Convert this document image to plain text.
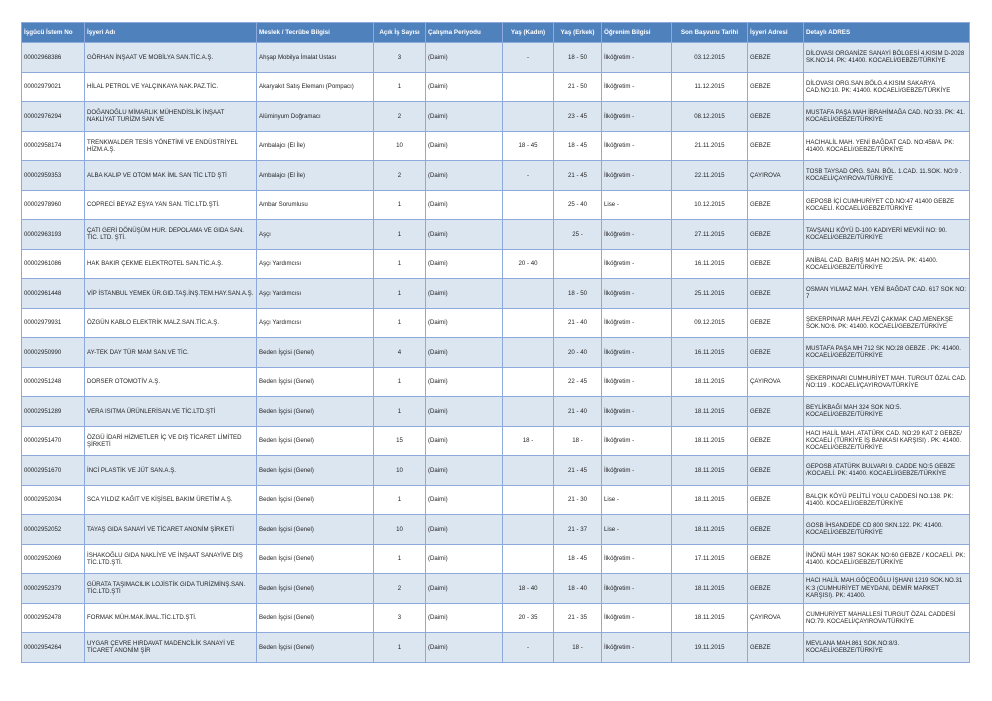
İşgücü İstem No	İşyeri Adı	Meslek / Tecrübe Bilgisi	Açık İş Sayısı	Çalışma Periyodu	Yaş (Kadın)	Yaş (Erkek)	Öğrenim Bilgisi	Son Başvuru Tarihi	İşyeri Adresi	Detaylı ADRES
00002968386	GÖRHAN İNŞAAT VE MOBİLYA SAN.TİC.A.Ş.	Ahşap Mobilya İmalat Ustası	3	(Daimi)	-	18 - 50	İlköğretim -	03.12.2015	GEBZE	DİLOVASI ORGANİZE SANAYİ BÖLGESİ 4.KISIM D-2028 SK.NO:14. PK: 41400. KOCAELİ/GEBZE/TÜRKİYE
00002979021	HİLAL PETROL VE YALÇINKAYA NAK.PAZ.TİC.	Akaryakıt Satış Elemanı (Pompacı)	1	(Daimi)		21 - 50	İlköğretim -	11.12.2015	GEBZE	DİLOVASI ORG.SAN.BÖLG.4.KISIM SAKARYA CAD.NO:10. PK: 41400. KOCAELİ/GEBZE/TÜRKİYE
00002976294	DOĞANOĞLU MİMARLIK MÜHENDİSLİK İNŞAAT NAKLİYAT TURİZM SAN VE	Alüminyum Doğramacı	2	(Daimi)		23 - 45	İlköğretim -	08.12.2015	GEBZE	MUSTAFA PAŞA MAH İBRAHİMAĞA CAD. NO:33. PK: 41. KOCAELİ/GEBZE/TÜRKİYE
00002958174	TRENKWALDER TESİS YÖNETİMİ VE ENDÜSTRİYEL HİZM.A.Ş.	Ambalajcı (El İle)	10	(Daimi)	18 - 45	18 - 45	İlköğretim -	21.11.2015	GEBZE	HACIHALİL MAH. YENİ BAĞDAT CAD. NO:458/A. PK: 41400. KOCAELİ/GEBZE/TÜRKİYE
00002959353	ALBA KALIP VE OTOM MAK İML SAN TİC LTD ŞTİ	Ambalajcı (El İle)	2	(Daimi)	-	21 - 45	İlköğretim -	22.11.2015	ÇAYIROVA	TOSB TAYSAD ORG. SAN. BÖL. 1.CAD. 11.SOK. NO:9 . KOCAELİ/ÇAYIROVA/TÜRKİYE
00002978960	COPRECİ BEYAZ EŞYA YAN SAN. TİC.LTD.ŞTİ.	Ambar Sorumlusu	1	(Daimi)		25 - 40	Lise -	10.12.2015	GEBZE	GEPOSB İÇİ CUMHURİYET CD.NO:47 41400 GEBZE KOCAELİ. KOCAELİ/GEBZE/TÜRKİYE
00002963193	ÇATI GERİ DÖNÜŞÜM HUR. DEPOLAMA VE GIDA SAN. TİC. LTD. ŞTİ.	Aşçı	1	(Daimi)		25 -	İlköğretim -	27.11.2015	GEBZE	TAVŞANLI KÖYÜ D-100 KADIYERİ MEVKİİ NO: 90. KOCAELİ/GEBZE/TÜRKİYE
00002961086	HAK BAKIR ÇEKME ELEKTROTEL SAN.TİC.A.Ş.	Aşçı Yardımcısı	1	(Daimi)	20 - 40		İlköğretim -	16.11.2015	GEBZE	ANİBAL CAD. BARIŞ MAH NO:25/A. PK: 41400. KOCAELİ/GEBZE/TÜRKİYE
00002961448	VİP İSTANBUL YEMEK ÜR.GID.TAŞ.İNŞ.TEM.HAY.SAN.A.Ş.	Aşçı Yardımcısı	1	(Daimi)		18 - 50	İlköğretim -	25.11.2015	GEBZE	OSMAN YILMAZ MAH. YENİ BAĞDAT CAD. 617 SOK NO: 7
00002979931	ÖZGÜN KABLO ELEKTRİK MALZ.SAN.TİC.A.Ş.	Aşçı Yardımcısı	1	(Daimi)		21 - 40	İlköğretim -	09.12.2015	GEBZE	ŞEKERPINAR MAH.FEVZİ ÇAKMAK CAD.MENEKŞE SOK.NO:6. PK: 41400. KOCAELİ/GEBZE/TÜRKİYE
00002950990	AY-TEK DAY TÜR MAM SAN.VE TİC.	Beden İşçisi (Genel)	4	(Daimi)		20 - 40	İlköğretim -	16.11.2015	GEBZE	MUSTAFA PAŞA MH 712 SK NO:28 GEBZE . PK: 41400. KOCAELİ/GEBZE/TÜRKİYE
00002951248	DORSER OTOMOTİV A.Ş.	Beden İşçisi (Genel)	1	(Daimi)		22 - 45	İlköğretim -	18.11.2015	ÇAYIROVA	ŞEKERPINARI CUMHURİYET MAH. TURGUT ÖZAL CAD. NO:119 . KOCAELİ/ÇAYIROVA/TÜRKİYE
00002951289	VERA ISITMA ÜRÜNLERİSAN.VE TİC.LTD.ŞTİ	Beden İşçisi (Genel)	1	(Daimi)		21 - 40	İlköğretim -	18.11.2015	GEBZE	BEYLİKBAĞI MAH 324 SOK NO:5. KOCAELİ/GEBZE/TÜRKİYE
00002951470	ÖZGÜ İDARİ HİZMETLER İÇ VE DIŞ TİCARET LİMİTED ŞİRKETİ	Beden İşçisi (Genel)	15	(Daimi)	18 -	18 -	İlköğretim -	18.11.2015	GEBZE	HACI HALİL MAH. ATATÜRK CAD. NO:29 KAT 2 GEBZE/ KOCAELİ (TÜRKİYE İŞ BANKASI KARŞISI) . PK: 41400. KOCAELİ/GEBZE/TÜRKİYE
00002951670	İNCİ PLASTİK VE JÜT SAN.A.Ş.	Beden İşçisi (Genel)	10	(Daimi)		21 - 45	İlköğretim -	18.11.2015	GEBZE	GEPOSB ATATÜRK BULVARI 9. CADDE NO:5 GEBZE /KOCAELİ. PK: 41400. KOCAELİ/GEBZE/TÜRKİYE
00002952034	SCA YILDIZ KAĞIT VE KİŞİSEL BAKIM ÜRETİM A.Ş.	Beden İşçisi (Genel)	1	(Daimi)		21 - 30	Lise -	18.11.2015	GEBZE	BALÇIK KÖYÜ PELİTLİ YOLU CADDESİ NO.138. PK: 41400. KOCAELİ/GEBZE/TÜRKİYE
00002952052	TAYAŞ GIDA SANAYİ VE TİCARET ANONİM ŞİRKETİ	Beden İşçisi (Genel)	10	(Daimi)		21 - 37	Lise -	18.11.2015	GEBZE	GOSB İHSANDEDE CD 800 SKN.122. PK: 41400. KOCAELİ/GEBZE/TÜRKİYE
00002952069	İSHAKOĞLU GIDA NAKLİYE VE İNŞAAT SANAYİVE DIŞ TİC.LTD.ŞTİ.	Beden İşçisi (Genel)	1	(Daimi)		18 - 45	İlköğretim -	17.11.2015	GEBZE	İNÖNÜ MAH 1987 SOKAK NO:60 GEBZE / KOCAELİ. PK: 41400. KOCAELİ/GEBZE/TÜRKİYE
00002952379	GÜRATA TAŞIMACILIK LOJİSTİK GIDA TURİZMİNŞ.SAN. TİC.LTD.ŞTİ	Beden İşçisi (Genel)	2	(Daimi)	18 - 40	18 - 40	İlköğretim -	18.11.2015	GEBZE	HACI HALİL MAH.GÖÇEOĞLU İŞHANI 1219 SOK.NO.31 K:3 (CUMHURİYET MEYDANI, DEMİR MARKET KARŞISI). PK: 41400.
00002952478	FORMAK MÜH.MAK.İMAL.TİC.LTD.ŞTİ.	Beden İşçisi (Genel)	3	(Daimi)	20 - 35	21 - 35	İlköğretim -	18.11.2015	ÇAYIROVA	CUMHURİYET MAHALLESİ TURGUT ÖZAL CADDESİ NO:79. KOCAELİ/ÇAYIROVA/TÜRKİYE
00002954264	UYGAR ÇEVRE HIRDAVAT MADENCİLİK SANAYİ VE TİCARET ANONİM ŞİR	Beden İşçisi (Genel)	1	(Daimi)	-	18 -	İlköğretim -	19.11.2015	GEBZE	MEVLANA MAH.861 SOK.NO:8/3. KOCAELİ/GEBZE/TÜRKİYE
